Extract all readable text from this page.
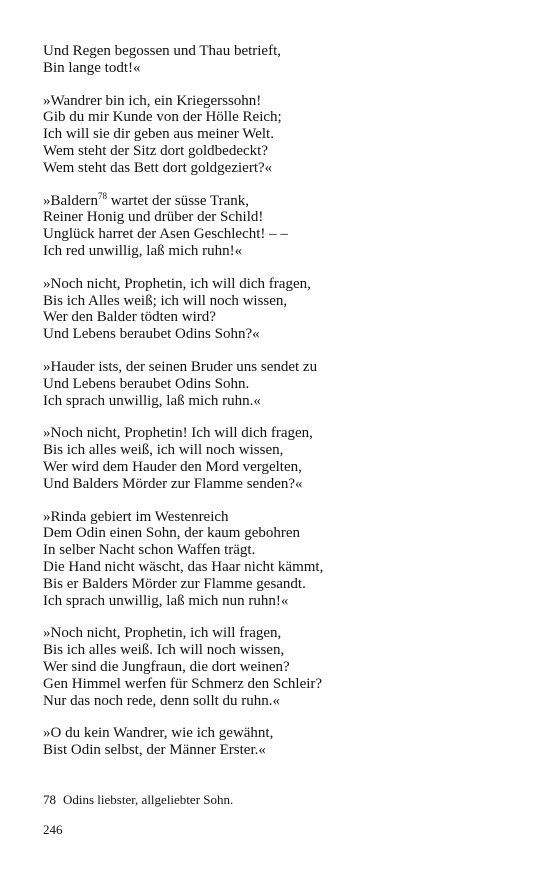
Und Regen begossen und Thau betrieft,
Bin lange todt!«
»Wandrer bin ich, ein Kriegerssohn!
Gib du mir Kunde von der Hölle Reich;
Ich will sie dir geben aus meiner Welt.
Wem steht der Sitz dort goldbedeckt?
Wem steht das Bett dort goldgeziert?«
»Baldern$^{78}$ wartet der süsse Trank,
Reiner Honig und drüber der Schild!
Unglück harret der Asen Geschlecht! – –
Ich red unwillig, laß mich ruhn!«
»Noch nicht, Prophetin, ich will dich fragen,
Bis ich Alles weiß; ich will noch wissen,
Wer den Balder tödten wird?
Und Lebens beraubet Odins Sohn?«
»Hauder ists, der seinen Bruder uns sendet zu
Und Lebens beraubet Odins Sohn.
Ich sprach unwillig, laß mich ruhn.«
»Noch nicht, Prophetin! Ich will dich fragen,
Bis ich alles weiß, ich will noch wissen,
Wer wird dem Hauder den Mord vergelten,
Und Balders Mörder zur Flamme senden?«
»Rinda gebiert im Westenreich
Dem Odin einen Sohn, der kaum gebohren
In selber Nacht schon Waffen trägt.
Die Hand nicht wäscht, das Haar nicht kämmt,
Bis er Balders Mörder zur Flamme gesandt.
Ich sprach unwillig, laß mich nun ruhn!«
»Noch nicht, Prophetin, ich will fragen,
Bis ich alles weiß. Ich will noch wissen,
Wer sind die Jungfraun, die dort weinen?
Gen Himmel werfen für Schmerz den Schleir?
Nur das noch rede, denn sollt du ruhn.«
»O du kein Wandrer, wie ich gewähnt,
Bist Odin selbst, der Männer Erster.«
78 Odins liebster, allgeliebter Sohn.
246
